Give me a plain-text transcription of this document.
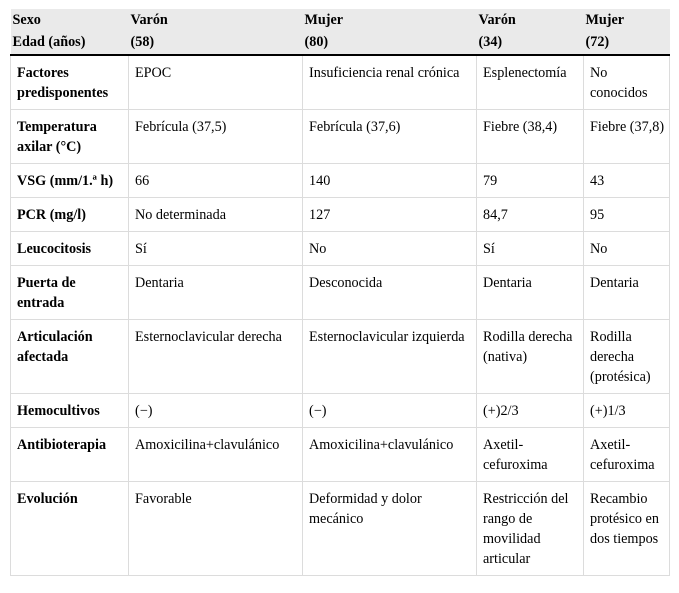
Sexo	Varón	Mujer	Varón	Mujer
Edad (años)	(58)	(80)	(34)	(72)
Factores predisponentes	EPOC	Insuficiencia renal crónica	Esplenectomía	No conocidos
Temperatura axilar (°C)	Febrícula (37,5)	Febrícula (37,6)	Fiebre (38,4)	Fiebre (37,8)
VSG (mm/1.ª h)	66	140	79	43
PCR (mg/l)	No determinada	127	84,7	95
Leucocitosis	Sí	No	Sí	No
Puerta de entrada	Dentaria	Desconocida	Dentaria	Dentaria
Articulación afectada	Esternoclavicular derecha	Esternoclavicular izquierda	Rodilla derecha (nativa)	Rodilla derecha (protésica)
Hemocultivos	(−)	(−)	(+)2/3	(+)1/3
Antibioterapia	Amoxicilina+clavulánico	Amoxicilina+clavulánico	Axetil-cefuroxima	Axetil-cefuroxima
Evolución	Favorable	Deformidad y dolor mecánico	Restricción del rango de movilidad articular	Recambio protésico en dos tiempos
